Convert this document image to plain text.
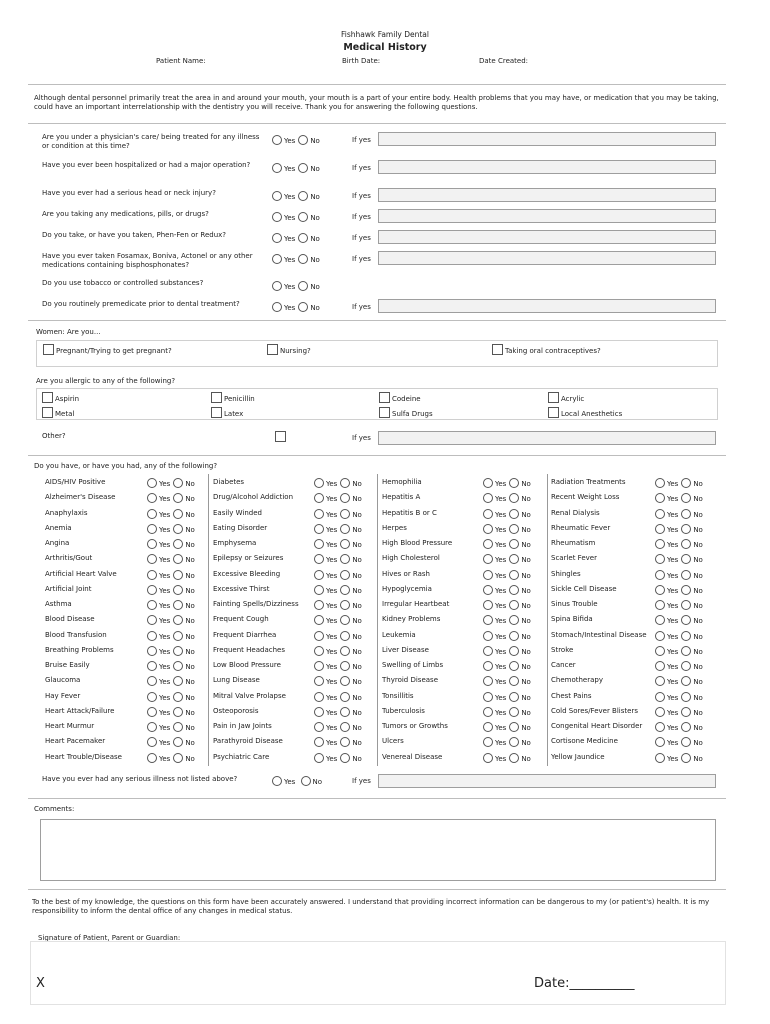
Fishhawk Family Dental
Medical History
Patient Name:	Birth Date:	Date Created:
Although dental personnel primarily treat the area in and around your mouth, your mouth is a part of your entire body. Health problems that you may have, or medication that you may be taking, could have an important interrelationship with the dentistry you will receive. Thank you for answering the following questions.
Are you under a physician's care/ being treated for any illness or condition at this time?
Yes No	If yes
Have you ever been hospitalized or had a major operation?	Yes No	If yes
Have you ever had a serious head or neck injury?	Yes No	If yes
Are you taking any medications, pills, or drugs?	Yes No	If yes
Do you take, or have you taken, Phen-Fen or Redux?	Yes No	If yes
Have you ever taken Fosamax, Boniva, Actonel or any other medications containing bisphosphonates?
Yes No	If yes
Do you use tobacco or controlled substances?	Yes No
Do you routinely premedicate prior to dental treatment?	Yes No	If yes
Women: Are you...
Pregnant/Trying to get pregnant?	Nursing?	Taking oral contraceptives?
Are you allergic to any of the following?
Aspirin	Penicillin	Codeine	Acrylic
Metal	Latex	Sulfa Drugs	Local Anesthetics
Other?	If yes
Do you have, or have you had, any of the following?
AIDS/HIV Positive	Yes No
Alzheimer's Disease	Yes No
Anaphylaxis	Yes No
Anemia	Yes No
Angina	Yes No
Arthritis/Gout	Yes No
Artificial Heart Valve	Yes No
Artificial Joint	Yes No
Asthma	Yes No
Blood Disease	Yes No
Blood Transfusion	Yes No
Breathing Problems	Yes No
Bruise Easily	Yes No
Glaucoma	Yes No
Hay Fever	Yes No
Heart Attack/Failure	Yes No
Heart Murmur	Yes No
Heart Pacemaker	Yes No
Heart Trouble/Disease	Yes No
Diabetes	Yes No
Drug/Alcohol Addiction	Yes No
Easily Winded	Yes No
Eating Disorder	Yes No
Emphysema	Yes No
Epilepsy or Seizures	Yes No
Excessive Bleeding	Yes No
Excessive Thirst	Yes No
Fainting Spells/Dizziness	Yes No
Frequent Cough	Yes No
Frequent Diarrhea	Yes No
Frequent Headaches	Yes No
Low Blood Pressure	Yes No
Lung Disease	Yes No
Mitral Valve Prolapse	Yes No
Osteoporosis	Yes No
Pain in Jaw Joints	Yes No
Parathyroid Disease	Yes No
Psychiatric Care	Yes No
Hemophilia	Yes No
Hepatitis A	Yes No
Hepatitis B or C	Yes No
Herpes	Yes No
High Blood Pressure	Yes No
High Cholesterol	Yes No
Hives or Rash	Yes No
Hypoglycemia	Yes No
Irregular Heartbeat	Yes No
Kidney Problems	Yes No
Leukemia	Yes No
Liver Disease	Yes No
Swelling of Limbs	Yes No
Thyroid Disease	Yes No
Tonsillitis	Yes No
Tuberculosis	Yes No
Tumors or Growths	Yes No
Ulcers	Yes No
Venereal Disease	Yes No
Radiation Treatments	Yes No
Recent Weight Loss	Yes No
Renal Dialysis	Yes No
Rheumatic Fever	Yes No
Rheumatism	Yes No
Scarlet Fever	Yes No
Shingles	Yes No
Sickle Cell Disease	Yes No
Sinus Trouble	Yes No
Spina Bifida	Yes No
Stomach/Intestinal Disease	Yes No
Stroke	Yes No
Cancer	Yes No
Chemotherapy	Yes No
Chest Pains	Yes No
Cold Sores/Fever Blisters	Yes No
Congenital Heart Disorder	Yes No
Cortisone Medicine	Yes No
Yellow Jaundice	Yes No
Have you ever had any serious illness not listed above?	Yes No	If yes
Comments:
To the best of my knowledge, the questions on this form have been accurately answered. I understand that providing incorrect information can be dangerous to my (or patient's) health. It is my responsibility to inform the dental office of any changes in medical status.
Signature of Patient, Parent or Guardian:
X	Date:__________
